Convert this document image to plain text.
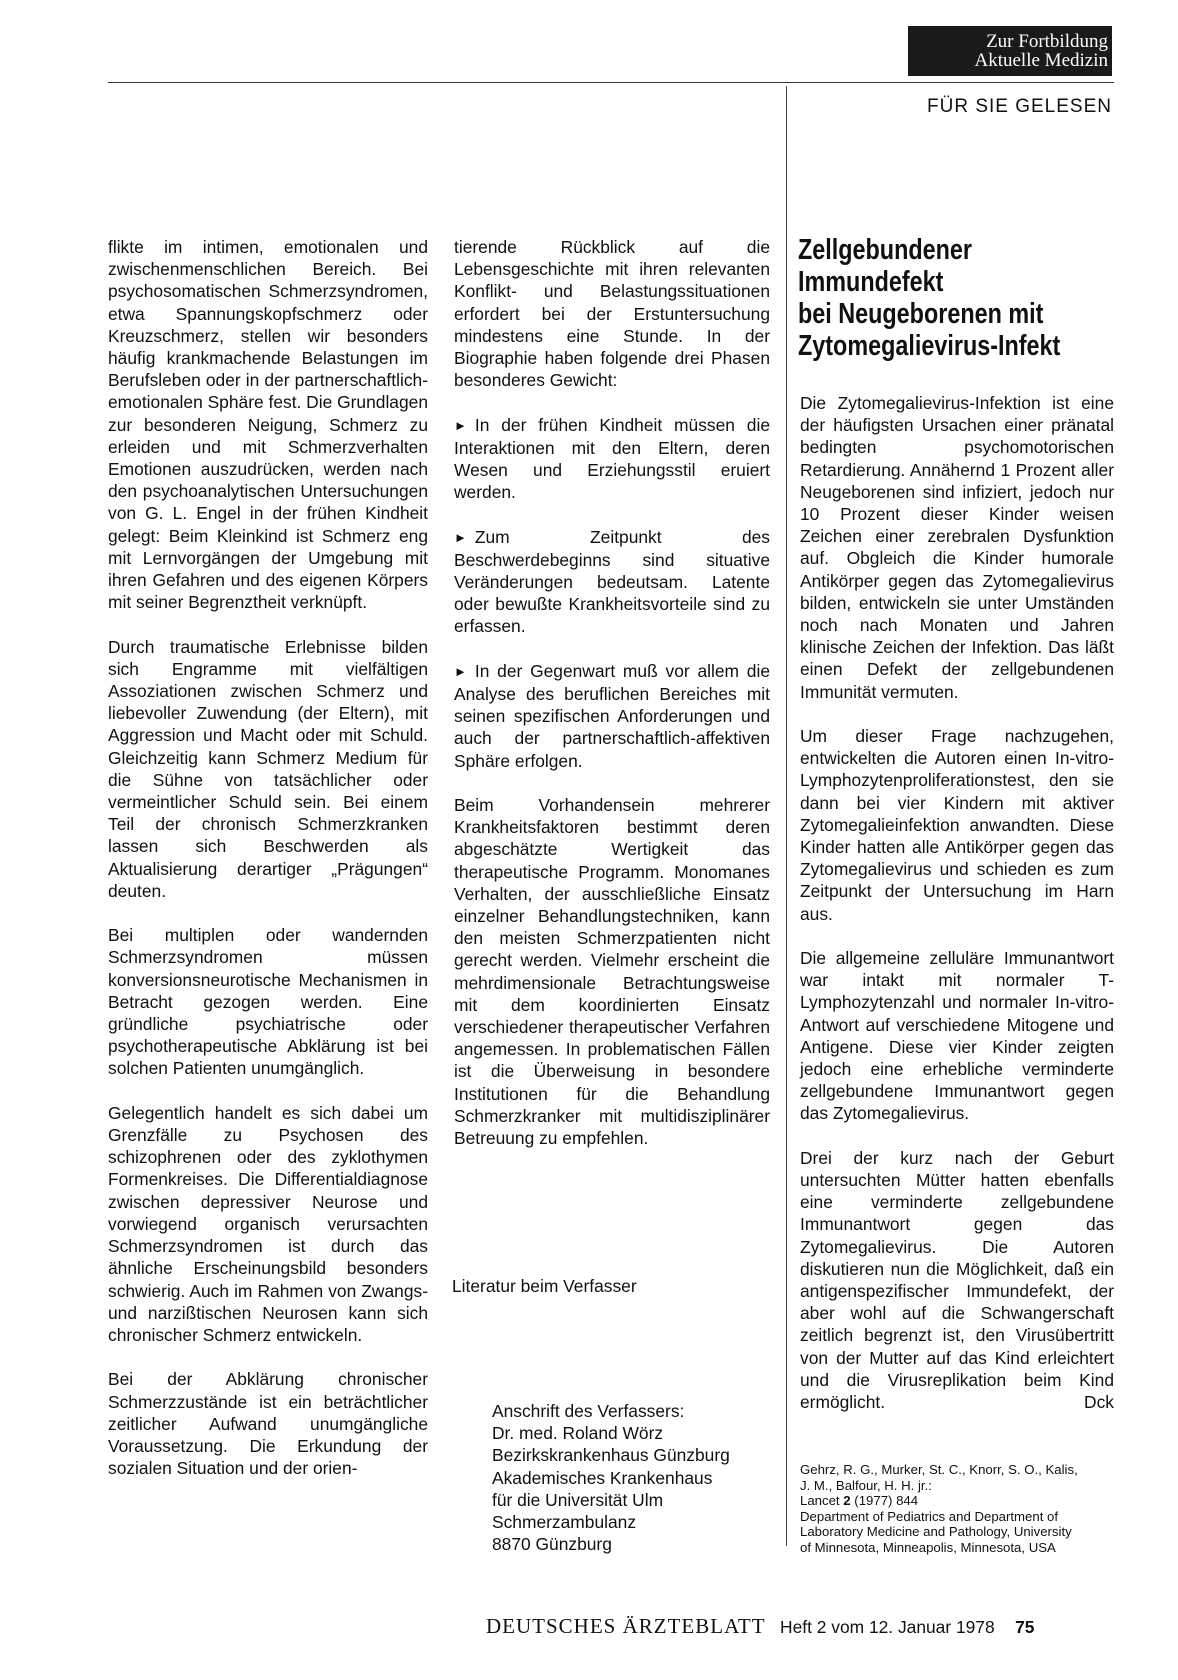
Zur Fortbildung
Aktuelle Medizin
FÜR SIE GELESEN

flikte im intimen, emotionalen und zwischenmenschlichen Bereich. Bei psychosomatischen Schmerzsyndromen, etwa Spannungskopfschmerz oder Kreuzschmerz, stellen wir besonders häufig krankmachende Belastungen im Berufsleben oder in der partnerschaftlich-emotionalen Sphäre fest. Die Grundlagen zur besonderen Neigung, Schmerz zu erleiden und mit Schmerzverhalten Emotionen auszudrücken, werden nach den psychoanalytischen Untersuchungen von G. L. Engel in der frühen Kindheit gelegt: Beim Kleinkind ist Schmerz eng mit Lernvorgängen der Umgebung mit ihren Gefahren und des eigenen Körpers mit seiner Begrenztheit verknüpft.

Durch traumatische Erlebnisse bilden sich Engramme mit vielfältigen Assoziationen zwischen Schmerz und liebevoller Zuwendung (der Eltern), mit Aggression und Macht oder mit Schuld. Gleichzeitig kann Schmerz Medium für die Sühne von tatsächlicher oder vermeintlicher Schuld sein. Bei einem Teil der chronisch Schmerzkranken lassen sich Beschwerden als Aktualisierung derartiger „Prägungen“ deuten.

Bei multiplen oder wandernden Schmerzsyndromen müssen konversionsneurotische Mechanismen in Betracht gezogen werden. Eine gründliche psychiatrische oder psychotherapeutische Abklärung ist bei solchen Patienten unumgänglich.

Gelegentlich handelt es sich dabei um Grenzfälle zu Psychosen des schizophrenen oder des zyklothymen Formenkreises. Die Differentialdiagnose zwischen depressiver Neurose und vorwiegend organisch verursachten Schmerzsyndromen ist durch das ähnliche Erscheinungsbild besonders schwierig. Auch im Rahmen von Zwangs- und narzißtischen Neurosen kann sich chronischer Schmerz entwickeln.

Bei der Abklärung chronischer Schmerzzustände ist ein beträchtlicher zeitlicher Aufwand unumgängliche Voraussetzung. Die Erkundung der sozialen Situation und der orien-

tierende Rückblick auf die Lebensgeschichte mit ihren relevanten Konflikt- und Belastungssituationen erfordert bei der Erstuntersuchung mindestens eine Stunde. In der Biographie haben folgende drei Phasen besonderes Gewicht:

► In der frühen Kindheit müssen die Interaktionen mit den Eltern, deren Wesen und Erziehungsstil eruiert werden.

► Zum Zeitpunkt des Beschwerdebeginns sind situative Veränderungen bedeutsam. Latente oder bewußte Krankheitsvorteile sind zu erfassen.

► In der Gegenwart muß vor allem die Analyse des beruflichen Bereiches mit seinen spezifischen Anforderungen und auch der partnerschaftlich-affektiven Sphäre erfolgen.

Beim Vorhandensein mehrerer Krankheitsfaktoren bestimmt deren abgeschätzte Wertigkeit das therapeutische Programm. Monomanes Verhalten, der ausschließliche Einsatz einzelner Behandlungstechniken, kann den meisten Schmerzpatienten nicht gerecht werden. Vielmehr erscheint die mehrdimensionale Betrachtungsweise mit dem koordinierten Einsatz verschiedener therapeutischer Verfahren angemessen. In problematischen Fällen ist die Überweisung in besondere Institutionen für die Behandlung Schmerzkranker mit multidisziplinärer Betreuung zu empfehlen.

Literatur beim Verfasser
Anschrift des Verfassers:
Dr. med. Roland Wörz
Bezirkskrankenhaus Günzburg
Akademisches Krankenhaus
für die Universität Ulm
Schmerzambulanz
8870 Günzburg
Zellgebundener
Immundefekt
bei Neugeborenen mit
Zytomegalievirus-Infekt

Die Zytomegalievirus-Infektion ist eine der häufigsten Ursachen einer pränatal bedingten psychomotorischen Retardierung. Annähernd 1 Prozent aller Neugeborenen sind infiziert, jedoch nur 10 Prozent dieser Kinder weisen Zeichen einer zerebralen Dysfunktion auf. Obgleich die Kinder humorale Antikörper gegen das Zytomegalievirus bilden, entwickeln sie unter Umständen noch nach Monaten und Jahren klinische Zeichen der Infektion. Das läßt einen Defekt der zellgebundenen Immunität vermuten.

Um dieser Frage nachzugehen, entwickelten die Autoren einen In-vitro-Lymphozytenproliferationstest, den sie dann bei vier Kindern mit aktiver Zytomegalieinfektion anwandten. Diese Kinder hatten alle Antikörper gegen das Zytomegalievirus und schieden es zum Zeitpunkt der Untersuchung im Harn aus.

Die allgemeine zelluläre Immunantwort war intakt mit normaler T-Lymphozytenzahl und normaler In-vitro-Antwort auf verschiedene Mitogene und Antigene. Diese vier Kinder zeigten jedoch eine erhebliche verminderte zellgebundene Immunantwort gegen das Zytomegalievirus.

Drei der kurz nach der Geburt untersuchten Mütter hatten ebenfalls eine verminderte zellgebundene Immunantwort gegen das Zytomegalievirus. Die Autoren diskutieren nun die Möglichkeit, daß ein antigenspezifischer Immundefekt, der aber wohl auf die Schwangerschaft zeitlich begrenzt ist, den Virusübertritt von der Mutter auf das Kind erleichtert und die Virusreplikation beim Kind ermöglicht.	Dck

Gehrz, R. G., Murker, St. C., Knorr, S. O., Kalis,
J. M., Balfour, H. H. jr.:
Lancet 2 (1977) 844
Department of Pediatrics and Department of
Laboratory Medicine and Pathology, University
of Minnesota, Minneapolis, Minnesota, USA
DEUTSCHES ÄRZTEBLATT Heft 2 vom 12. Januar 1978 75
